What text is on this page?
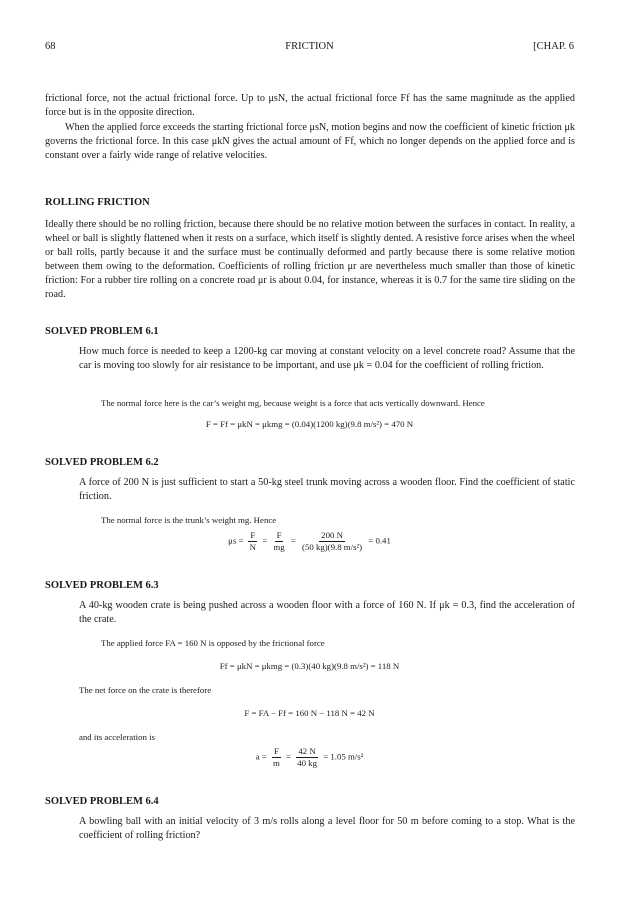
68	FRICTION	[CHAP. 6

frictional force, not the actual frictional force. Up to μsN, the actual frictional force Ff has the same magnitude as the applied force but is in the opposite direction.

When the applied force exceeds the starting frictional force μsN, motion begins and now the coefficient of kinetic friction μk governs the frictional force. In this case μkN gives the actual amount of Ff, which no longer depends on the applied force and is constant over a fairly wide range of relative velocities.

ROLLING FRICTION

Ideally there should be no rolling friction, because there should be no relative motion between the surfaces in contact. In reality, a wheel or ball is slightly flattened when it rests on a surface, which itself is slightly dented. A resistive force arises when the wheel or ball rolls, partly because it and the surface must be continually deformed and partly because there is some relative motion between them owing to the deformation. Coefficients of rolling friction μr are nevertheless much smaller than those of kinetic friction: For a rubber tire rolling on a concrete road μr is about 0.04, for instance, whereas it is 0.7 for the same tire sliding on the road.

SOLVED PROBLEM 6.1

How much force is needed to keep a 1200-kg car moving at constant velocity on a level concrete road? Assume that the car is moving too slowly for air resistance to be important, and use μk = 0.04 for the coefficient of rolling friction.

The normal force here is the car’s weight mg, because weight is a force that acts vertically downward. Hence

F = Ff = μkN = μkmg = (0.04)(1200 kg)(9.8 m/s²) = 470 N
SOLVED PROBLEM 6.2

A force of 200 N is just sufficient to start a 50-kg steel trunk moving across a wooden floor. Find the coefficient of static friction.

The normal force is the trunk’s weight mg. Hence

$\mu s = \frac{F}{N} = \frac{F}{mg} = \frac{200 N}{\text{(50 kg)(9.8 m/s²)}} = 0.41$
SOLVED PROBLEM 6.3

A 40-kg wooden crate is being pushed across a wooden floor with a force of 160 N. If μk = 0.3, find the acceleration of the crate.

The applied force FA = 160 N is opposed by the frictional force

Ff = μkN = μkmg = (0.3)(40 kg)(9.8 m/s²) = 118 N

The net force on the crate is therefore

F = FA − Ff = 160 N − 118 N = 42 N

and its acceleration is

$a = \frac{F}{m} = \frac{42 N}{40 kg} = 1.05$ m/s²
SOLVED PROBLEM 6.4

A bowling ball with an initial velocity of 3 m/s rolls along a level floor for 50 m before coming to a stop. What is the coefficient of rolling friction?
